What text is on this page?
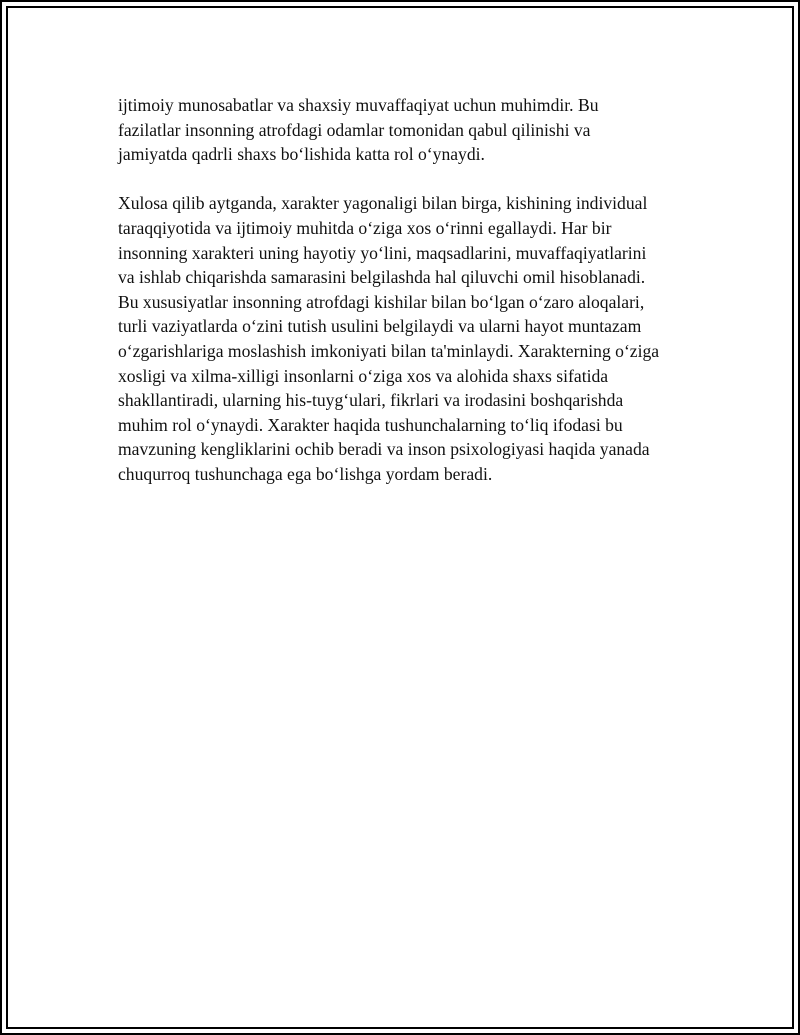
ijtimoiy munosabatlar va shaxsiy muvaffaqiyat uchun muhimdir. Bu
fazilatlar insonning atrofdagi odamlar tomonidan qabul qilinishi va
jamiyatda qadrli shaxs bo‘lishida katta rol o‘ynaydi.

Xulosa qilib aytganda, xarakter yagonaligi bilan birga, kishining individual
taraqqiyotida va ijtimoiy muhitda o‘ziga xos o‘rinni egallaydi. Har bir
insonning xarakteri uning hayotiy yo‘lini, maqsadlarini, muvaffaqiyatlarini
va ishlab chiqarishda samarasini belgilashda hal qiluvchi omil hisoblanadi.
Bu xususiyatlar insonning atrofdagi kishilar bilan bo‘lgan o‘zaro aloqalari,
turli vaziyatlarda o‘zini tutish usulini belgilaydi va ularni hayot muntazam
o‘zgarishlariga moslashish imkoniyati bilan ta'minlaydi. Xarakterning o‘ziga
xosligi va xilma-xilligi insonlarni o‘ziga xos va alohida shaxs sifatida
shakllantiradi, ularning his-tuyg‘ulari, fikrlari va irodasini boshqarishda
muhim rol o‘ynaydi. Xarakter haqida tushunchalarning to‘liq ifodasi bu
mavzuning kengliklarini ochib beradi va inson psixologiyasi haqida yanada
chuqurroq tushunchaga ega bo‘lishga yordam beradi.
